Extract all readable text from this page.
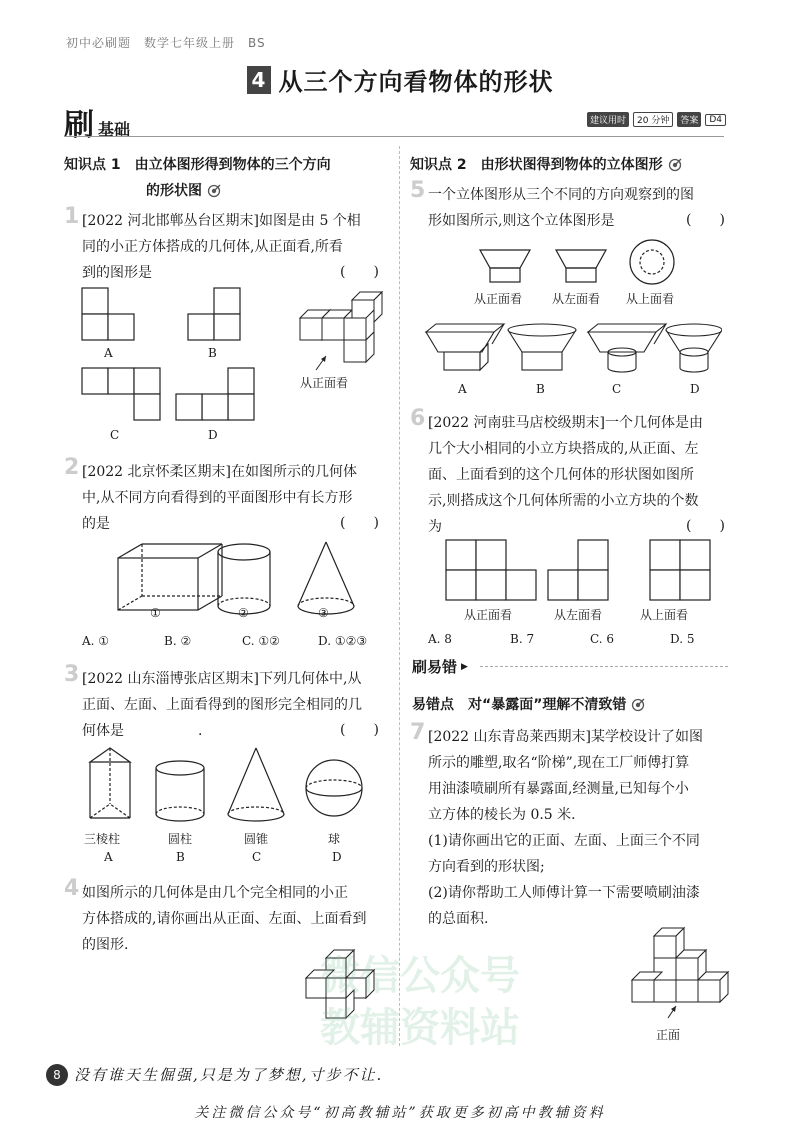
初中必刷题　数学七年级上册　BS
4 从三个方向看物体的形状
刷 基础	建议用时	20 分钟	答案	D4
知识点 1　由立体图形得到物体的三个方向
的形状图
1 [2022 河北邯郸丛台区期末]如图是由 5 个相
同的小正方体搭成的几何体,从正面看,所看
到的图形是	(　　)
从正面看
A	B
C	D
2 [2022 北京怀柔区期末]在如图所示的几何体
中,从不同方向看得到的平面图形中有长方形
的是	(　　)
①	②	③
A. ①	B. ②	C. ①②	D. ①②③
3 [2022 山东淄博张店区期末]下列几何体中,从
正面、左面、上面看得到的图形完全相同的几
何体是	.	(　　)
三棱柱	圆柱	圆锥	球
A	B	C	D
4 如图所示的几何体是由几个完全相同的小正
方体搭成的,请你画出从正面、左面、上面看到
的图形.
知识点 2　由形状图得到物体的立体图形
5 一个立体图形从三个不同的方向观察到的图
形如图所示,则这个立体图形是	(　　)
从正面看 从左面看 从上面看
A	B	C	D
6 [2022 河南驻马店校级期末]一个几何体是由
几个大小相同的小立方块搭成的,从正面、左
面、上面看到的这个几何体的形状图如图所
示,则搭成这个几何体所需的小立方块的个数
为	(　　)
从正面看	从左面看	从上面看
A. 8	B. 7	C. 6	D. 5
刷易错 ▶
易错点　对“暴露面”理解不清致错
7 [2022 山东青岛莱西期末]某学校设计了如图
所示的雕塑,取名“阶梯”,现在工厂师傅打算
用油漆喷刷所有暴露面,经测量,已知每个小
立方体的棱长为 0.5 米.
(1)请你画出它的正面、左面、上面三个不同
方向看到的形状图;
(2)请你帮助工人师傅计算一下需要喷刷油漆
的总面积.
正面
微信公众号
教辅资料站
8 没有谁天生倔强,只是为了梦想,寸步不让.
关注微信公众号“初高教辅站”获取更多初高中教辅资料
